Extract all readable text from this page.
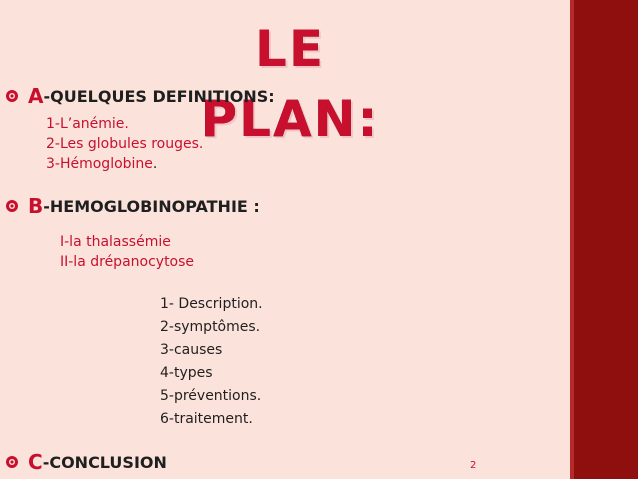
LE PLAN:
A -QUELQUES DEFINITIONS:
1-L’anémie.
2-Les globules rouges.
3-Hémoglobine.
B -HEMOGLOBINOPATHIE :
I-la thalassémie
II-la drépanocytose
1- Description.
2-symptômes.
3-causes
4-types
5-préventions.
6-traitement.
C -CONCLUSION	2
